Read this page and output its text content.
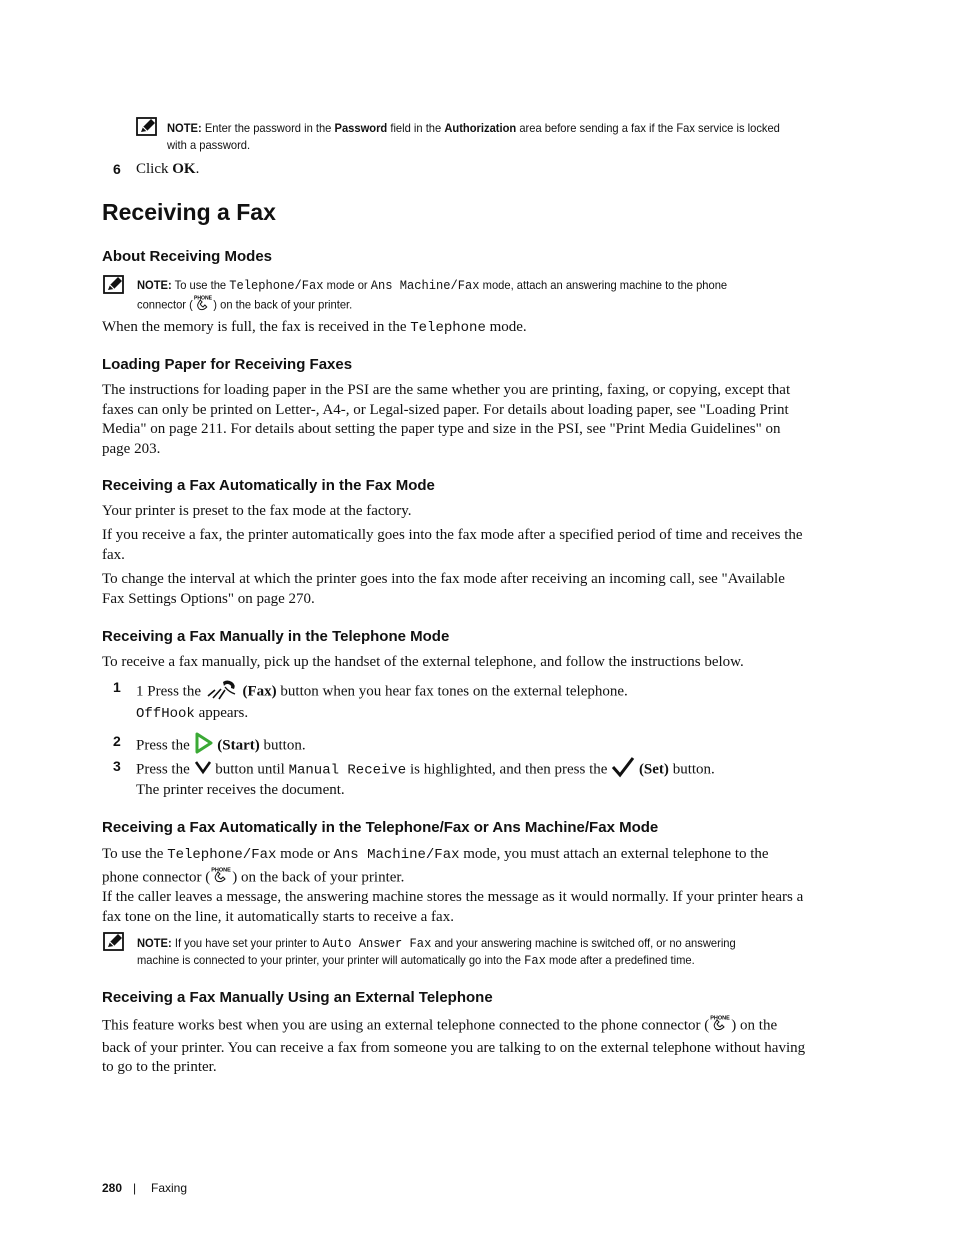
NOTE: Enter the password in the Password field in the Authorization area before sending a fax if the Fax service is locked
with a password.
6 Click OK.
Receiving a Fax
About Receiving Modes
NOTE: To use the Telephone/Fax mode or Ans Machine/Fax mode, attach an answering machine to the phone
connector ( PHONE ) on the back of your printer.
When the memory is full, the fax is received in the Telephone mode.
Loading Paper for Receiving Faxes
The instructions for loading paper in the PSI are the same whether you are printing, faxing, or copying, except that
faxes can only be printed on Letter-, A4-, or Legal-sized paper. For details about loading paper, see "Loading Print
Media" on page 211. For details about setting the paper type and size in the PSI, see "Print Media Guidelines" on
page 203.
Receiving a Fax Automatically in the Fax Mode
Your printer is preset to the fax mode at the factory.
If you receive a fax, the printer automatically goes into the fax mode after a specified period of time and receives the
fax.
To change the interval at which the printer goes into the fax mode after receiving an incoming call, see "Available
Fax Settings Options" on page 270.
Receiving a Fax Manually in the Telephone Mode
To receive a fax manually, pick up the handset of the external telephone, and follow the instructions below.
1 1 Press the	(Fax) button when you hear fax tones on the external telephone.
OffHook appears.
2 Press the (Start) button.
3 Press the button until Manual Receive is highlighted, and then press the (Set) button.
The printer receives the document.
Receiving a Fax Automatically in the Telephone/Fax or Ans Machine/Fax Mode
To use the Telephone/Fax mode or Ans Machine/Fax mode, you must attach an external telephone to the
phone connector ( PHONE ) on the back of your printer.
If the caller leaves a message, the answering machine stores the message as it would normally. If your printer hears a
fax tone on the line, it automatically starts to receive a fax.
NOTE: If you have set your printer to Auto Answer Fax and your answering machine is switched off, or no answering
machine is connected to your printer, your printer will automatically go into the Fax mode after a predefined time.
Receiving a Fax Manually Using an External Telephone
This feature works best when you are using an external telephone connected to the phone connector ( PHONE ) on the
back of your printer. You can receive a fax from someone you are talking to on the external telephone without having
to go to the printer.
280 | Faxing
